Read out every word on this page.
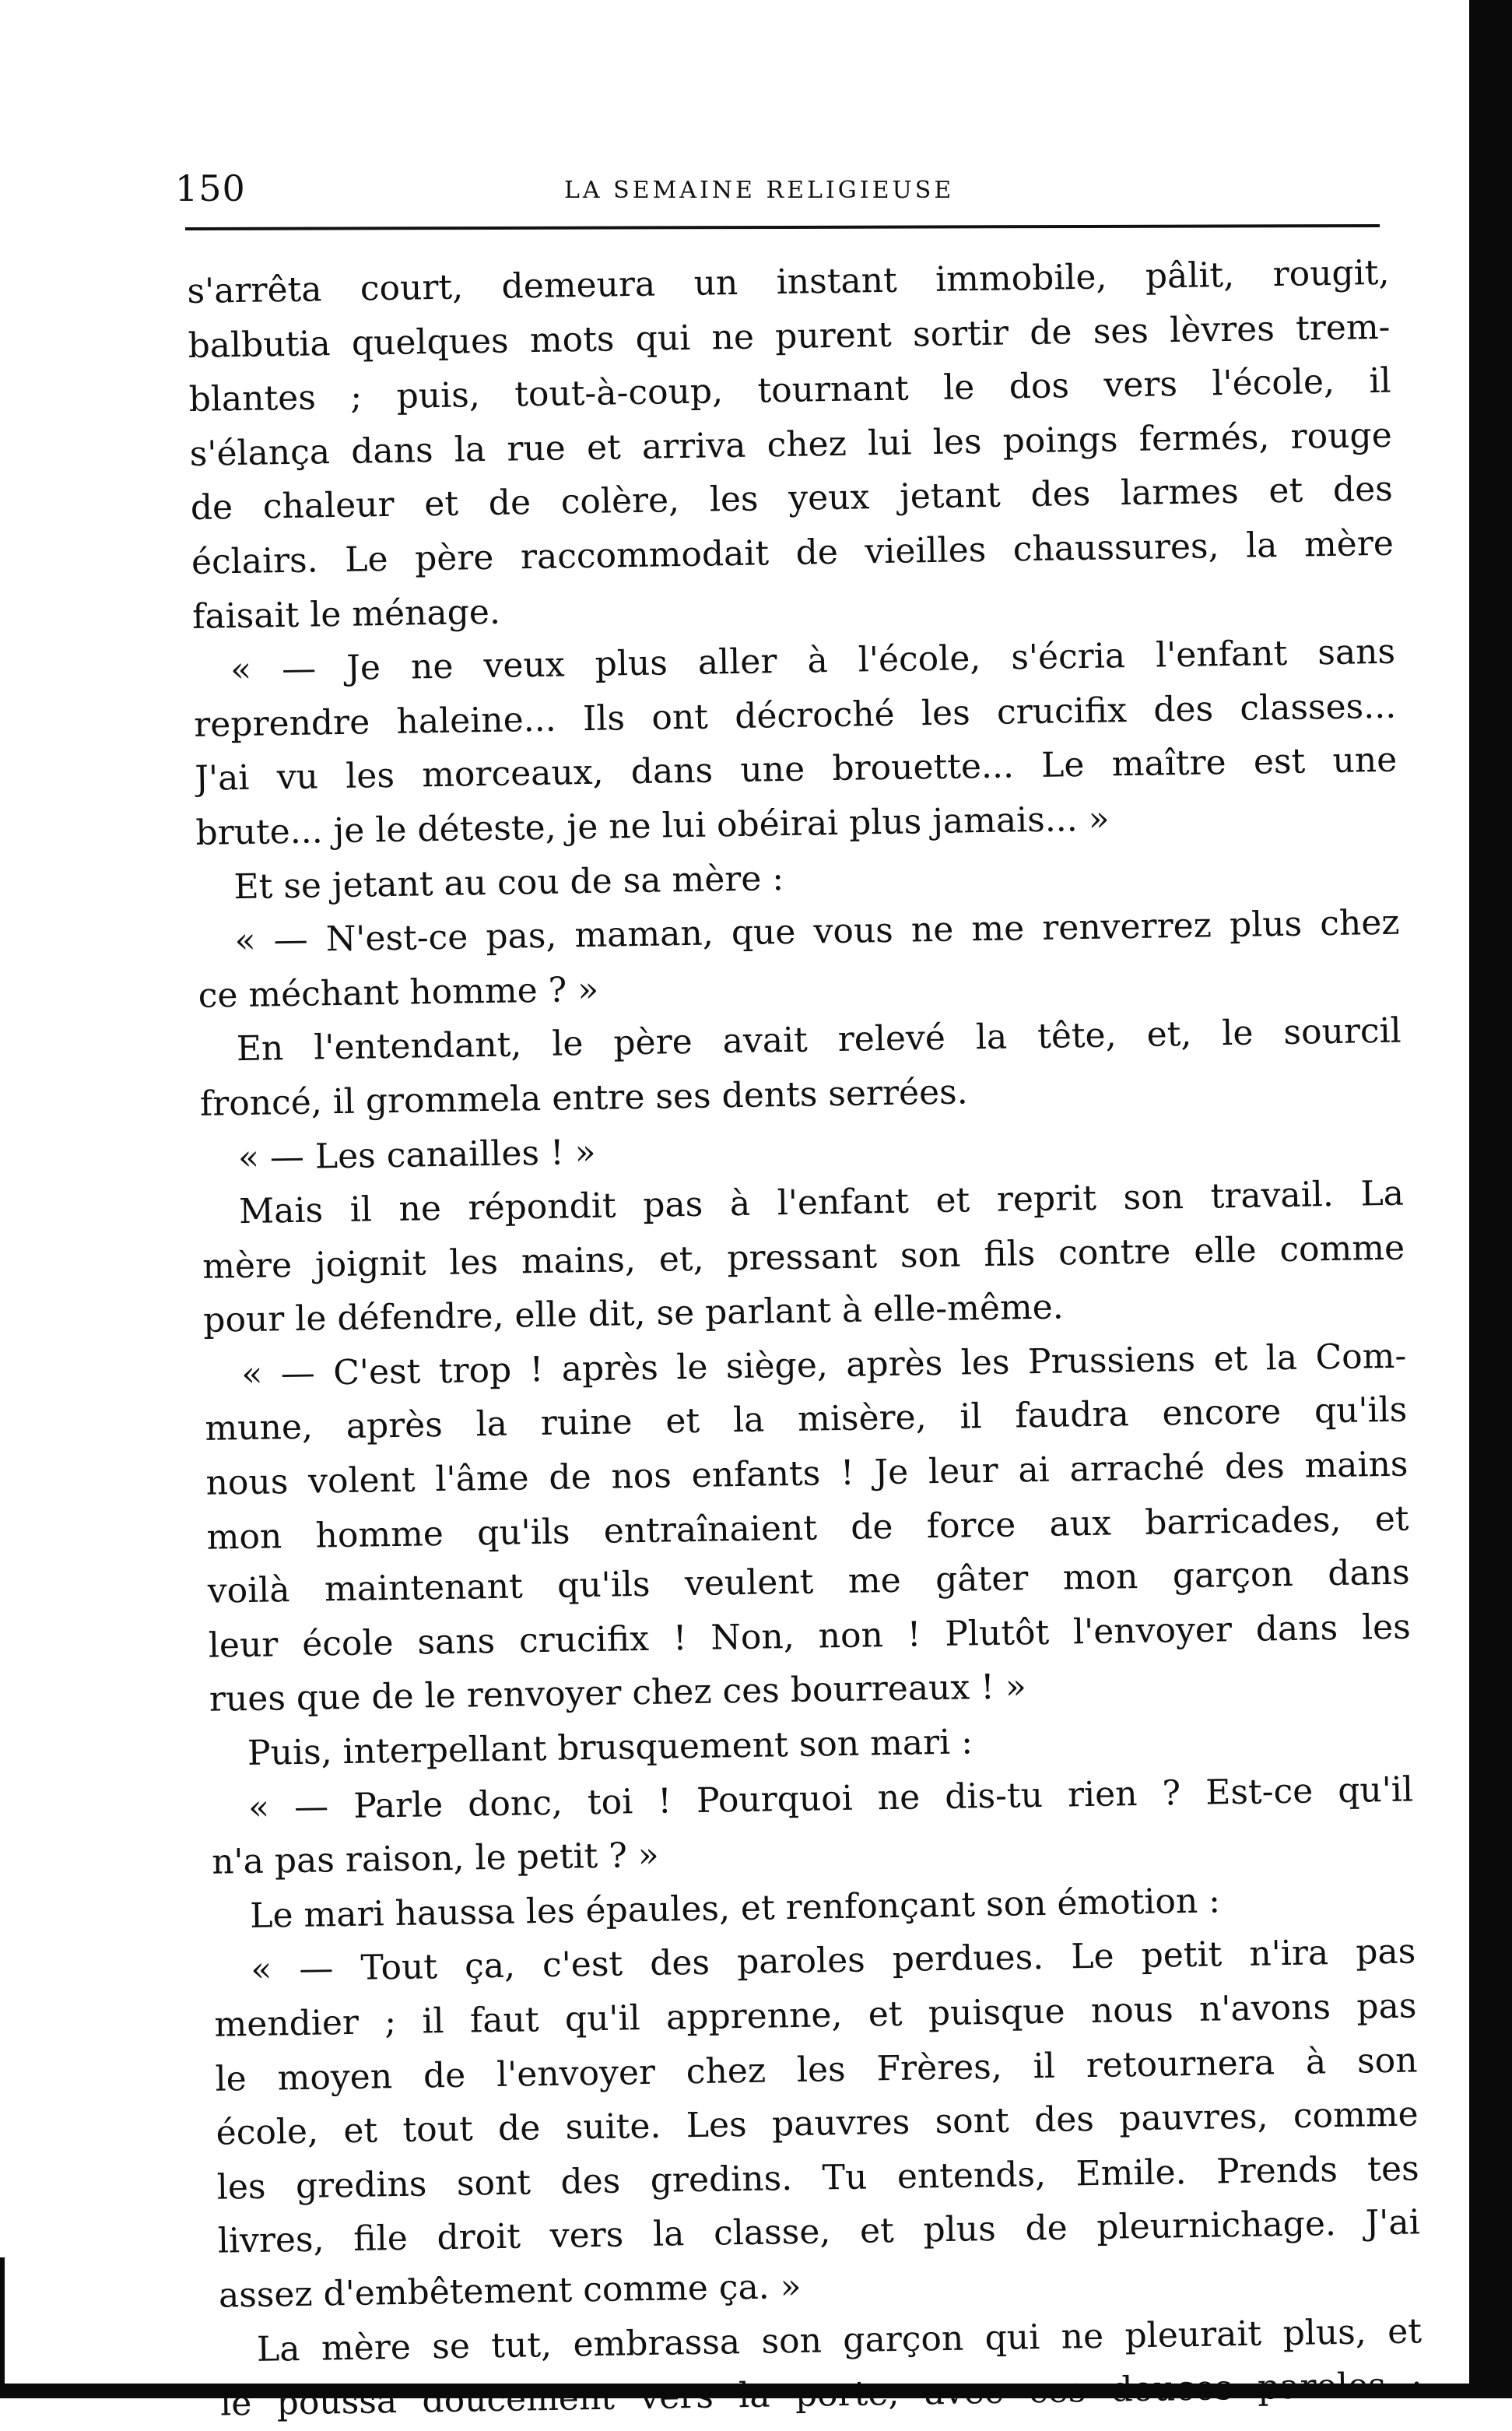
150	LA SEMAINE RELIGIEUSE
s'arrêta court, demeura un instant immobile, pâlit, rougit,
balbutia quelques mots qui ne purent sortir de ses lèvres trem-
blantes ; puis, tout-à-coup, tournant le dos vers l'école, il
s'élança dans la rue et arriva chez lui les poings fermés, rouge
de chaleur et de colère, les yeux jetant des larmes et des
éclairs. Le père raccommodait de vieilles chaussures, la mère
faisait le ménage.
« — Je ne veux plus aller à l'école, s'écria l'enfant sans
reprendre haleine... Ils ont décroché les crucifix des classes...
J'ai vu les morceaux, dans une brouette... Le maître est une
brute... je le déteste, je ne lui obéirai plus jamais... »
Et se jetant au cou de sa mère :
« — N'est-ce pas, maman, que vous ne me renverrez plus chez
ce méchant homme ? »
En l'entendant, le père avait relevé la tête, et, le sourcil
froncé, il grommela entre ses dents serrées.
« — Les canailles ! »
Mais il ne répondit pas à l'enfant et reprit son travail. La
mère joignit les mains, et, pressant son fils contre elle comme
pour le défendre, elle dit, se parlant à elle-même.
« — C'est trop ! après le siège, après les Prussiens et la Com-
mune, après la ruine et la misère, il faudra encore qu'ils
nous volent l'âme de nos enfants ! Je leur ai arraché des mains
mon homme qu'ils entraînaient de force aux barricades, et
voilà maintenant qu'ils veulent me gâter mon garçon dans
leur école sans crucifix ! Non, non ! Plutôt l'envoyer dans les
rues que de le renvoyer chez ces bourreaux ! »
Puis, interpellant brusquement son mari :
« — Parle donc, toi ! Pourquoi ne dis-tu rien ? Est-ce qu'il
n'a pas raison, le petit ? »
Le mari haussa les épaules, et renfonçant son émotion :
« — Tout ça, c'est des paroles perdues. Le petit n'ira pas
mendier ; il faut qu'il apprenne, et puisque nous n'avons pas
le moyen de l'envoyer chez les Frères, il retournera à son
école, et tout de suite. Les pauvres sont des pauvres, comme
les gredins sont des gredins. Tu entends, Emile. Prends tes
livres, file droit vers la classe, et plus de pleurnichage. J'ai
assez d'embêtement comme ça. »
La mère se tut, embrassa son garçon qui ne pleurait plus, et
